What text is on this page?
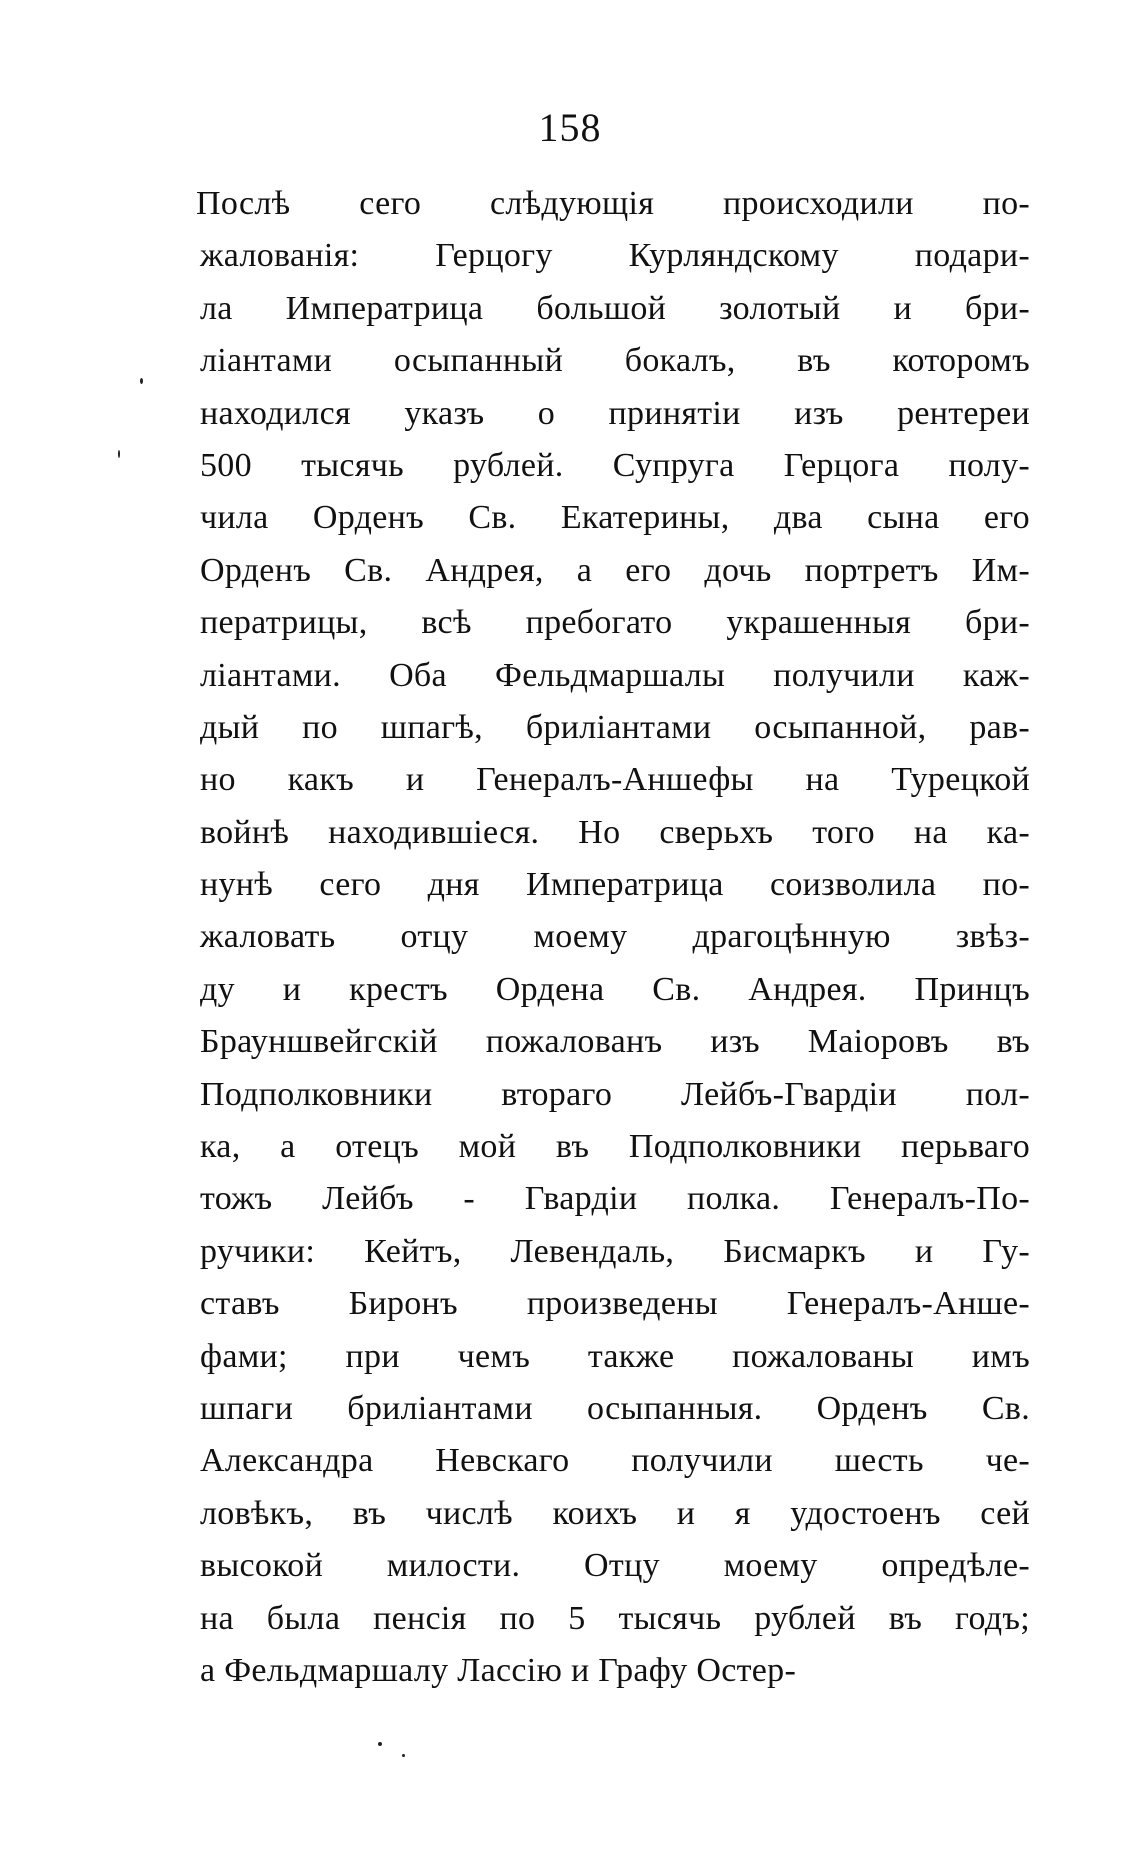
158
Послѣ сего слѣдующія происходили по-
жалованія: Герцогу Курляндскому подари-
ла Императрица большой золотый и бри-
ліантами осыпанный бокалъ, въ которомъ
находился указъ о принятіи изъ рентереи
500 тысячь рублей. Супруга Герцога полу-
чила Орденъ Св. Екатерины, два сына его
Орденъ Св. Андрея, а его дочь портретъ Им-
ператрицы, всѣ пребогато украшенныя бри-
ліантами. Оба Фельдмаршалы получили каж-
дый по шпагѣ, бриліантами осыпанной, рав-
но какъ и Генералъ-Аншефы на Турецкой
войнѣ находившіеся. Но сверьхъ того на ка-
нунѣ сего дня Императрица соизволила по-
жаловать отцу моему драгоцѣнную звѣз-
ду и крестъ Ордена Св. Андрея. Принцъ
Брауншвейгскій пожалованъ изъ Маіоровъ въ
Подполковники втораго Лейбъ-Гвардіи пол-
ка, а отецъ мой въ Подполковники перьваго
тожъ Лейбъ - Гвардіи полка. Генералъ-По-
ручики: Кейтъ, Левендаль, Бисмаркъ и Гу-
ставъ Биронъ произведены Генералъ-Анше-
фами; при чемъ также пожалованы имъ
шпаги бриліантами осыпанныя. Орденъ Св.
Александра Невскаго получили шесть че-
ловѣкъ, въ числѣ коихъ и я удостоенъ сей
высокой милости. Отцу моему опредѣле-
на была пенсія по 5 тысячь рублей въ годъ;
а Фельдмаршалу Лассію и Графу Остер-
